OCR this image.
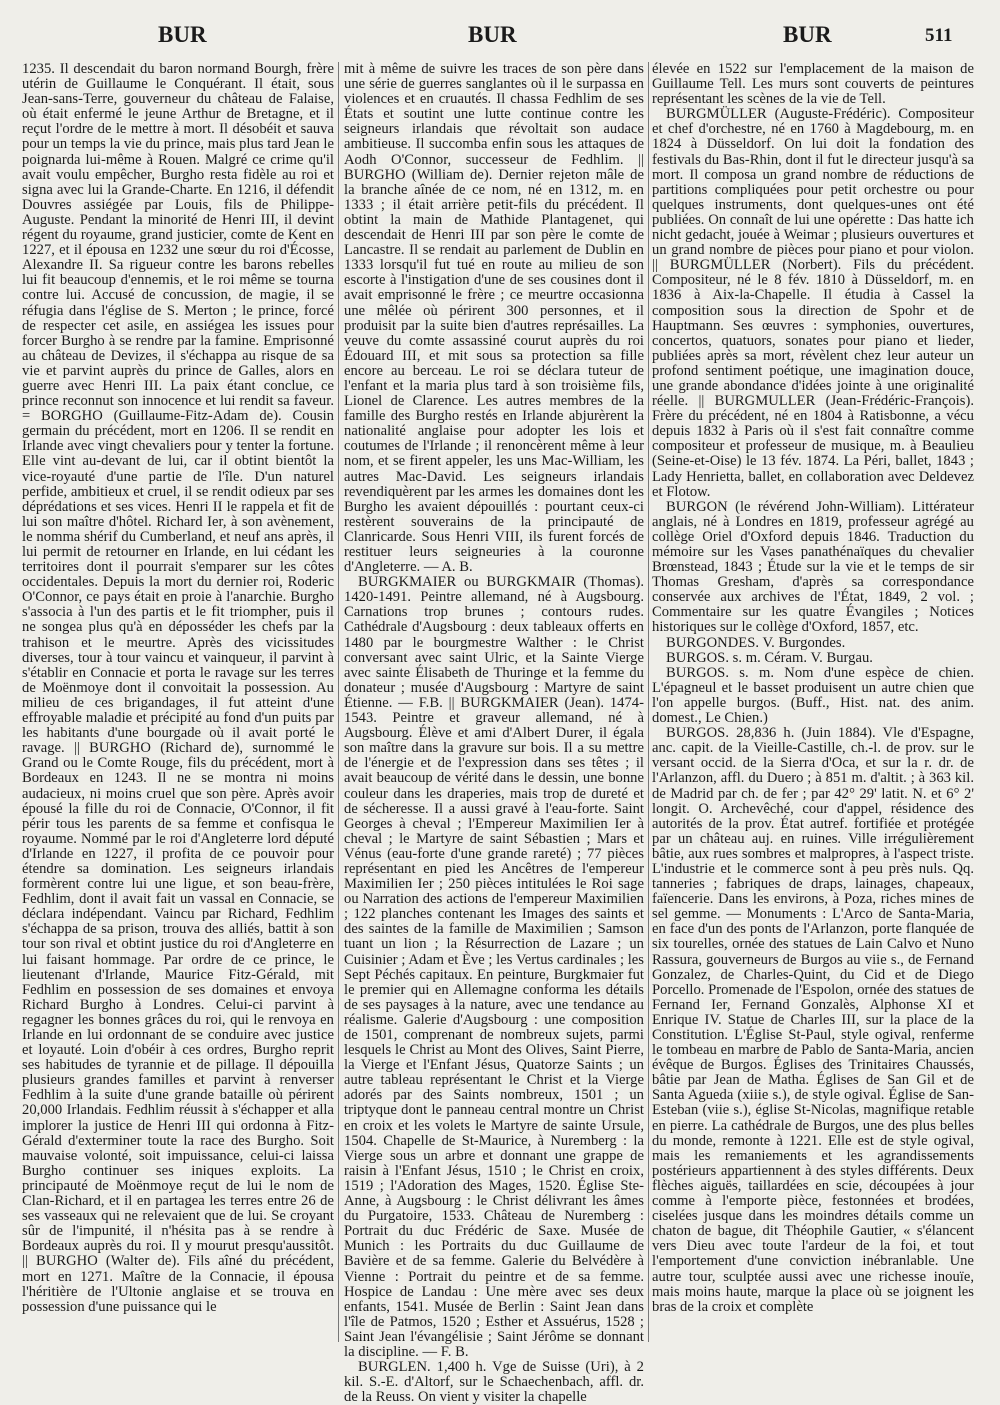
BUR	BUR	BUR	511

1235. Il descendait du baron normand Bourgh, frère utérin de Guillaume le Conquérant. Il était, sous Jean-sans-Terre, gouverneur du château de Falaise, où était enfermé le jeune Arthur de Bretagne, et il reçut l'ordre de le mettre à mort. Il désobéit et sauva pour un temps la vie du prince, mais plus tard Jean le poignarda lui-même à Rouen. Malgré ce crime qu'il avait voulu empêcher, Burgho resta fidèle au roi et signa avec lui la Grande-Charte. En 1216, il défendit Douvres assiégée par Louis, fils de Philippe-Auguste. Pendant la minorité de Henri III, il devint régent du royaume, grand justicier, comte de Kent en 1227, et il épousa en 1232 une sœur du roi d'Écosse, Alexandre II. Sa rigueur contre les barons rebelles lui fit beaucoup d'ennemis, et le roi même se tourna contre lui. Accusé de concussion, de magie, il se réfugia dans l'église de S. Merton ; le prince, forcé de respecter cet asile, en assiégea les issues pour forcer Burgho à se rendre par la famine. Emprisonné au château de Devizes, il s'échappa au risque de sa vie et parvint auprès du prince de Galles, alors en guerre avec Henri III. La paix étant conclue, ce prince reconnut son innocence et lui rendit sa faveur. = BORGHO (Guillaume-Fitz-Adam de). Cousin germain du précédent, mort en 1206. Il se rendit en Irlande avec vingt chevaliers pour y tenter la fortune. Elle vint au-devant de lui, car il obtint bientôt la vice-royauté d'une partie de l'île. D'un naturel perfide, ambitieux et cruel, il se rendit odieux par ses déprédations et ses vices. Henri II le rappela et fit de lui son maître d'hôtel. Richard Ier, à son avènement, le nomma shérif du Cumberland, et neuf ans après, il lui permit de retourner en Irlande, en lui cédant les territoires dont il pourrait s'emparer sur les côtes occidentales. Depuis la mort du dernier roi, Roderic O'Connor, ce pays était en proie à l'anarchie. Burgho s'associa à l'un des partis et le fit triompher, puis il ne songea plus qu'à en déposséder les chefs par la trahison et le meurtre. Après des vicissitudes diverses, tour à tour vaincu et vainqueur, il parvint à s'établir en Connacie et porta le ravage sur les terres de Moënmoye dont il convoitait la possession. Au milieu de ces brigandages, il fut atteint d'une effroyable maladie et précipité au fond d'un puits par les habitants d'une bourgade où il avait porté le ravage. || BURGHO (Richard de), surnommé le Grand ou le Comte Rouge, fils du précédent, mort à Bordeaux en 1243. Il ne se montra ni moins audacieux, ni moins cruel que son père. Après avoir épousé la fille du roi de Connacie, O'Connor, il fit périr tous les parents de sa femme et confisqua le royaume. Nommé par le roi d'Angleterre lord député d'Irlande en 1227, il profita de ce pouvoir pour étendre sa domination. Les seigneurs irlandais formèrent contre lui une ligue, et son beau-frère, Fedhlim, dont il avait fait un vassal en Connacie, se déclara indépendant. Vaincu par Richard, Fedhlim s'échappa de sa prison, trouva des alliés, battit à son tour son rival et obtint justice du roi d'Angleterre en lui faisant hommage. Par ordre de ce prince, le lieutenant d'Irlande, Maurice Fitz-Gérald, mit Fedhlim en possession de ses domaines et envoya Richard Burgho à Londres. Celui-ci parvint à regagner les bonnes grâces du roi, qui le renvoya en Irlande en lui ordonnant de se conduire avec justice et loyauté. Loin d'obéir à ces ordres, Burgho reprit ses habitudes de tyrannie et de pillage. Il dépouilla plusieurs grandes familles et parvint à renverser Fedhlim à la suite d'une grande bataille où périrent 20,000 Irlandais. Fedhlim réussit à s'échapper et alla implorer la justice de Henri III qui ordonna à Fitz-Gérald d'exterminer toute la race des Burgho. Soit mauvaise volonté, soit impuissance, celui-ci laissa Burgho continuer ses iniques exploits. La principauté de Moënmoye reçut de lui le nom de Clan-Richard, et il en partagea les terres entre 26 de ses vasseaux qui ne relevaient que de lui. Se croyant sûr de l'impunité, il n'hésita pas à se rendre à Bordeaux auprès du roi. Il y mourut presqu'aussitôt. || BURGHO (Walter de). Fils aîné du précédent, mort en 1271. Maître de la Connacie, il épousa l'héritière de l'Ultonie anglaise et se trouva en possession d'une puissance qui le

mit à même de suivre les traces de son père dans une série de guerres sanglantes où il le surpassa en violences et en cruautés. Il chassa Fedhlim de ses États et soutint une lutte continue contre les seigneurs irlandais que révoltait son audace ambitieuse. Il succomba enfin sous les attaques de Aodh O'Connor, successeur de Fedhlim. || BURGHO (William de). Dernier rejeton mâle de la branche aînée de ce nom, né en 1312, m. en 1333 ; il était arrière petit-fils du précédent. Il obtint la main de Mathide Plantagenet, qui descendait de Henri III par son père le comte de Lancastre. Il se rendait au parlement de Dublin en 1333 lorsqu'il fut tué en route au milieu de son escorte à l'instigation d'une de ses cousines dont il avait emprisonné le frère ; ce meurtre occasionna une mêlée où périrent 300 personnes, et il produisit par la suite bien d'autres représailles. La veuve du comte assassiné courut auprès du roi Édouard III, et mit sous sa protection sa fille encore au berceau. Le roi se déclara tuteur de l'enfant et la maria plus tard à son troisième fils, Lionel de Clarence. Les autres membres de la famille des Burgho restés en Irlande abjurèrent la nationalité anglaise pour adopter les lois et coutumes de l'Irlande ; il renoncèrent même à leur nom, et se firent appeler, les uns Mac-William, les autres Mac-David. Les seigneurs irlandais revendiquèrent par les armes les domaines dont les Burgho les avaient dépouillés : pourtant ceux-ci restèrent souverains de la principauté de Clanricarde. Sous Henri VIII, ils furent forcés de restituer leurs seigneuries à la couronne d'Angleterre. — A. B.

BURGKMAIER ou BURGKMAIR (Thomas). 1420-1491. Peintre allemand, né à Augsbourg. Carnations trop brunes ; contours rudes. Cathédrale d'Augsbourg : deux tableaux offerts en 1480 par le bourgmestre Walther : le Christ conversant avec saint Ulric, et la Sainte Vierge avec sainte Élisabeth de Thuringe et la femme du donateur ; musée d'Augsbourg : Martyre de saint Étienne. — F.B. || BURGKMAIER (Jean). 1474-1543. Peintre et graveur allemand, né à Augsbourg. Élève et ami d'Albert Durer, il égala son maître dans la gravure sur bois. Il a su mettre de l'énergie et de l'expression dans ses têtes ; il avait beaucoup de vérité dans le dessin, une bonne couleur dans les draperies, mais trop de dureté et de sécheresse. Il a aussi gravé à l'eau-forte. Saint Georges à cheval ; l'Empereur Maximilien Ier à cheval ; le Martyre de saint Sébastien ; Mars et Vénus (eau-forte d'une grande rareté) ; 77 pièces représentant en pied les Ancêtres de l'empereur Maximilien Ier ; 250 pièces intitulées le Roi sage ou Narration des actions de l'empereur Maximilien ; 122 planches contenant les Images des saints et des saintes de la famille de Maximilien ; Samson tuant un lion ; la Résurrection de Lazare ; un Cuisinier ; Adam et Ève ; les Vertus cardinales ; les Sept Péchés capitaux. En peinture, Burgkmaier fut le premier qui en Allemagne conforma les détails de ses paysages à la nature, avec une tendance au réalisme. Galerie d'Augsbourg : une composition de 1501, comprenant de nombreux sujets, parmi lesquels le Christ au Mont des Olives, Saint Pierre, la Vierge et l'Enfant Jésus, Quatorze Saints ; un autre tableau représentant le Christ et la Vierge adorés par des Saints nombreux, 1501 ; un triptyque dont le panneau central montre un Christ en croix et les volets le Martyre de sainte Ursule, 1504. Chapelle de St-Maurice, à Nuremberg : la Vierge sous un arbre et donnant une grappe de raisin à l'Enfant Jésus, 1510 ; le Christ en croix, 1519 ; l'Adoration des Mages, 1520. Église Ste-Anne, à Augsbourg : le Christ délivrant les âmes du Purgatoire, 1533. Château de Nuremberg : Portrait du duc Frédéric de Saxe. Musée de Munich : les Portraits du duc Guillaume de Bavière et de sa femme. Galerie du Belvédère à Vienne : Portrait du peintre et de sa femme. Hospice de Landau : Une mère avec ses deux enfants, 1541. Musée de Berlin : Saint Jean dans l'île de Patmos, 1520 ; Esther et Assuérus, 1528 ; Saint Jean l'évangélisie ; Saint Jérôme se donnant la discipline. — F. B.

BURGLEN. 1,400 h. Vge de Suisse (Uri), à 2 kil. S.-E. d'Altorf, sur le Schaechenbach, affl. dr. de la Reuss. On vient y visiter la chapelle

élevée en 1522 sur l'emplacement de la maison de Guillaume Tell. Les murs sont couverts de peintures représentant les scènes de la vie de Tell.

BURGMÜLLER (Auguste-Frédéric). Compositeur et chef d'orchestre, né en 1760 à Magdebourg, m. en 1824 à Düsseldorf. On lui doit la fondation des festivals du Bas-Rhin, dont il fut le directeur jusqu'à sa mort. Il composa un grand nombre de réductions de partitions compliquées pour petit orchestre ou pour quelques instruments, dont quelques-unes ont été publiées. On connaît de lui une opérette : Das hatte ich nicht gedacht, jouée à Weimar ; plusieurs ouvertures et un grand nombre de pièces pour piano et pour violon. || BURGMÜLLER (Norbert). Fils du précédent. Compositeur, né le 8 fév. 1810 à Düsseldorf, m. en 1836 à Aix-la-Chapelle. Il étudia à Cassel la composition sous la direction de Spohr et de Hauptmann. Ses œuvres : symphonies, ouvertures, concertos, quatuors, sonates pour piano et lieder, publiées après sa mort, révèlent chez leur auteur un profond sentiment poétique, une imagination douce, une grande abondance d'idées jointe à une originalité réelle. || BURGMULLER (Jean-Frédéric-François). Frère du précédent, né en 1804 à Ratisbonne, a vécu depuis 1832 à Paris où il s'est fait connaître comme compositeur et professeur de musique, m. à Beaulieu (Seine-et-Oise) le 13 fév. 1874. La Péri, ballet, 1843 ; Lady Henrietta, ballet, en collaboration avec Deldevez et Flotow.

BURGON (le révérend John-William). Littérateur anglais, né à Londres en 1819, professeur agrégé au collège Oriel d'Oxford depuis 1846. Traduction du mémoire sur les Vases panathénaïques du chevalier Brœnstead, 1843 ; Étude sur la vie et le temps de sir Thomas Gresham, d'après sa correspondance conservée aux archives de l'État, 1849, 2 vol. ; Commentaire sur les quatre Évangiles ; Notices historiques sur le collège d'Oxford, 1857, etc.

BURGONDES. V. Burgondes.

BURGOS. s. m. Céram. V. Burgau.

BURGOS. s. m. Nom d'une espèce de chien. L'épagneul et le basset produisent un autre chien que l'on appelle burgos. (Buff., Hist. nat. des anim. domest., Le Chien.)

BURGOS. 28,836 h. (Juin 1884). Vle d'Espagne, anc. capit. de la Vieille-Castille, ch.-l. de prov. sur le versant occid. de la Sierra d'Oca, et sur la r. dr. de l'Arlanzon, affl. du Duero ; à 851 m. d'altit. ; à 363 kil. de Madrid par ch. de fer ; par 42° 29' latit. N. et 6° 2' longit. O. Archevêché, cour d'appel, résidence des autorités de la prov. État autref. fortifiée et protégée par un château auj. en ruines. Ville irrégulièrement bâtie, aux rues sombres et malpropres, à l'aspect triste. L'industrie et le commerce sont à peu près nuls. Qq. tanneries ; fabriques de draps, lainages, chapeaux, faïencerie. Dans les environs, à Poza, riches mines de sel gemme. — Monuments : L'Arco de Santa-Maria, en face d'un des ponts de l'Arlanzon, porte flanquée de six tourelles, ornée des statues de Lain Calvo et Nuno Rassura, gouverneurs de Burgos au viie s., de Fernand Gonzalez, de Charles-Quint, du Cid et de Diego Porcello. Promenade de l'Espolon, ornée des statues de Fernand Ier, Fernand Gonzalès, Alphonse XI et Enrique IV. Statue de Charles III, sur la place de la Constitution. L'Église St-Paul, style ogival, renferme le tombeau en marbre de Pablo de Santa-Maria, ancien évêque de Burgos. Églises des Trinitaires Chaussés, bâtie par Jean de Matha. Églises de San Gil et de Santa Agueda (xiiie s.), de style ogival. Église de San-Esteban (viie s.), église St-Nicolas, magnifique retable en pierre. La cathédrale de Burgos, une des plus belles du monde, remonte à 1221. Elle est de style ogival, mais les remaniements et les agrandissements postérieurs appartiennent à des styles différents. Deux flèches aiguës, taillardées en scie, découpées à jour comme à l'emporte pièce, festonnées et brodées, ciselées jusque dans les moindres détails comme un chaton de bague, dit Théophile Gautier, « s'élancent vers Dieu avec toute l'ardeur de la foi, et tout l'emportement d'une conviction inébranlable. Une autre tour, sculptée aussi avec une richesse inouïe, mais moins haute, marque la place où se joignent les bras de la croix et complète
